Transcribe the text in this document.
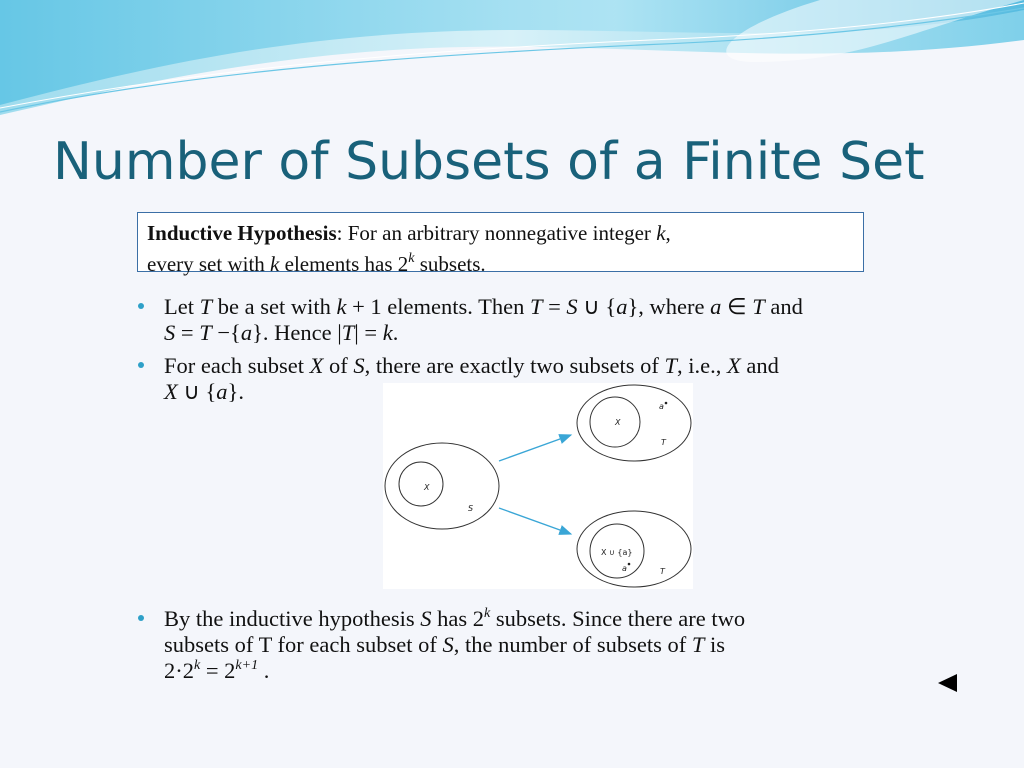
Number of Subsets of a Finite Set
Inductive Hypothesis: For an arbitrary nonnegative integer k,
every set with k elements has 2$^k$ subsets.
Let T be a set with k + 1 elements. Then T = S ∪ {a}, where a ∈ T and
S = T −{a}. Hence |T| = k.
For each subset X of S, there are exactly two subsets of T, i.e., X and
X ∪ {a}.
By the inductive hypothesis S has 2$^k$ subsets. Since there are two
subsets of T for each subset of S, the number of subsets of T is
$2\cdot 2^k = 2^{k+1}$ .
X
S
X
a
T
X ∪ {a}
a	T
